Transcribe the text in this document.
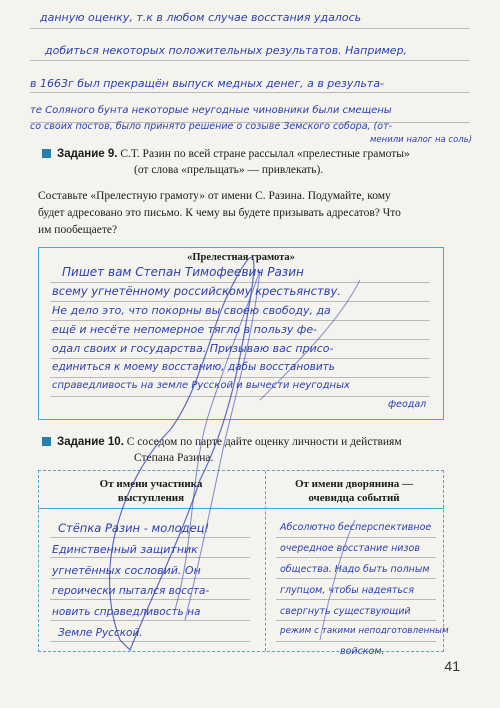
данную оценку, т.к в любом случае восстания удалось
добиться некоторых положительных результатов. Например,
в 1663г был прекращён выпуск медных денег, а в результа-
те Соляного бунта некоторые неугодные чиновники были смещены
со своих постов, было принято решение о созыве Земского собора, (от-
менили налог на соль)
Задание 9. С.Т. Разин по всей стране рассылал «прелестные грамоты»
(от слова «прельщать» — привлекать).
Составьте «Прелестную грамоту» от имени С. Разина. Подумайте, кому
будет адресовано это письмо. К чему вы будете призывать адресатов? Что
им пообещаете?
«Прелестная грамота»
Пишет вам Степан Тимофеевич Разин
всему угнетённому российскому крестьянству.
Не дело это, что покорны вы своею свободу, да
ещё и несёте непомерное тягло в пользу фе-
одал своих и государства. Призываю вас присо-
единиться к моему восстанию, дабы восстановить
справедливость на земле Русской и вычести неугодных
феодал
Задание 10. С соседом по парте дайте оценку личности и действиям
Степана Разина.
От имени участника
выступления
От имени дворянина —
очевидца событий
Стёпка Разин - молодец!
Единственный защитник
угнетённых сословий. Он
героически пытался восста-
новить справедливость на
Земле Русской.
Абсолютно бесперспективное
очередное восстание низов
общества. Надо быть полным
глупцом, чтобы надеяться
свергнуть существующий
режим с такими неподготовленным
войском.
41
